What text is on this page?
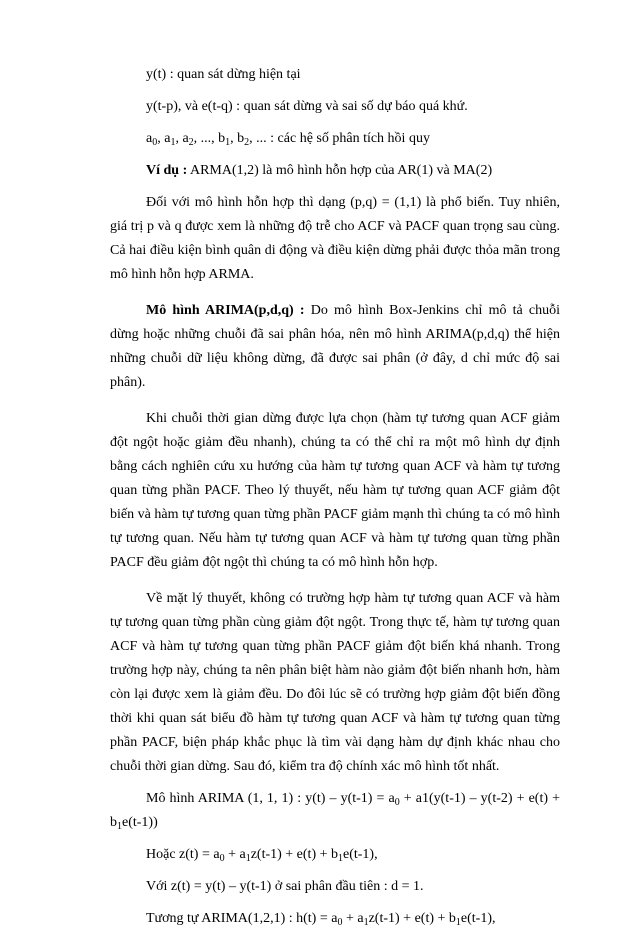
y(t) : quan sát dừng hiện tại

y(t-p), và e(t-q) : quan sát dừng và sai số dự báo quá khứ.

$a_0$, $a_1$, $a_2$, ..., $b_1$, $b_2$, ... : các hệ số phân tích hồi quy

Ví dụ : ARMA(1,2) là mô hình hỗn hợp của AR(1) và MA(2)

Đối với mô hình hỗn hợp thì dạng (p,q) = (1,1) là phổ biến. Tuy nhiên, giá trị p và q được xem là những độ trễ cho ACF và PACF quan trọng sau cùng. Cả hai điều kiện bình quân di động và điều kiện dừng phải được thỏa mãn trong mô hình hỗn hợp ARMA.

Mô hình ARIMA(p,d,q) : Do mô hình Box-Jenkins chỉ mô tả chuỗi dừng hoặc những chuỗi đã sai phân hóa, nên mô hình ARIMA(p,d,q) thể hiện những chuỗi dữ liệu không dừng, đã được sai phân (ở đây, d chỉ mức độ sai phân).

Khi chuỗi thời gian dừng được lựa chọn (hàm tự tương quan ACF giảm đột ngột hoặc giảm đều nhanh), chúng ta có thể chỉ ra một mô hình dự định bằng cách nghiên cứu xu hướng của hàm tự tương quan ACF và hàm tự tương quan từng phần PACF. Theo lý thuyết, nếu hàm tự tương quan ACF giảm đột biến và hàm tự tương quan từng phần PACF giảm mạnh thì chúng ta có mô hình tự tương quan. Nếu hàm tự tương quan ACF và hàm tự tương quan từng phần PACF đều giảm đột ngột thì chúng ta có mô hình hỗn hợp.

Về mặt lý thuyết, không có trường hợp hàm tự tương quan ACF và hàm tự tương quan từng phần cùng giảm đột ngột. Trong thực tế, hàm tự tương quan ACF và hàm tự tương quan từng phần PACF giảm đột biến khá nhanh. Trong trường hợp này, chúng ta nên phân biệt hàm nào giảm đột biến nhanh hơn, hàm còn lại được xem là giảm đều. Do đôi lúc sẽ có trường hợp giảm đột biến đồng thời khi quan sát biểu đồ hàm tự tương quan ACF và hàm tự tương quan từng phần PACF, biện pháp khắc phục là tìm vài dạng hàm dự định khác nhau cho chuỗi thời gian dừng. Sau đó, kiểm tra độ chính xác mô hình tốt nhất.

Mô hình ARIMA (1, 1, 1) : $y(t) - y(t-1) = a_0 + a1(y(t-1) - y(t-2) + e(t) + b_1e(t-1))$

Hoặc $z(t) = a_0 + a_1z(t-1) + e(t) + b_1e(t-1)$,

Với z(t) = y(t) – y(t-1) ở sai phân đầu tiên : d = 1.

Tương tự ARIMA(1,2,1) : $h(t) = a_0 + a_1z(t-1) + e(t) + b_1e(t-1)$,
